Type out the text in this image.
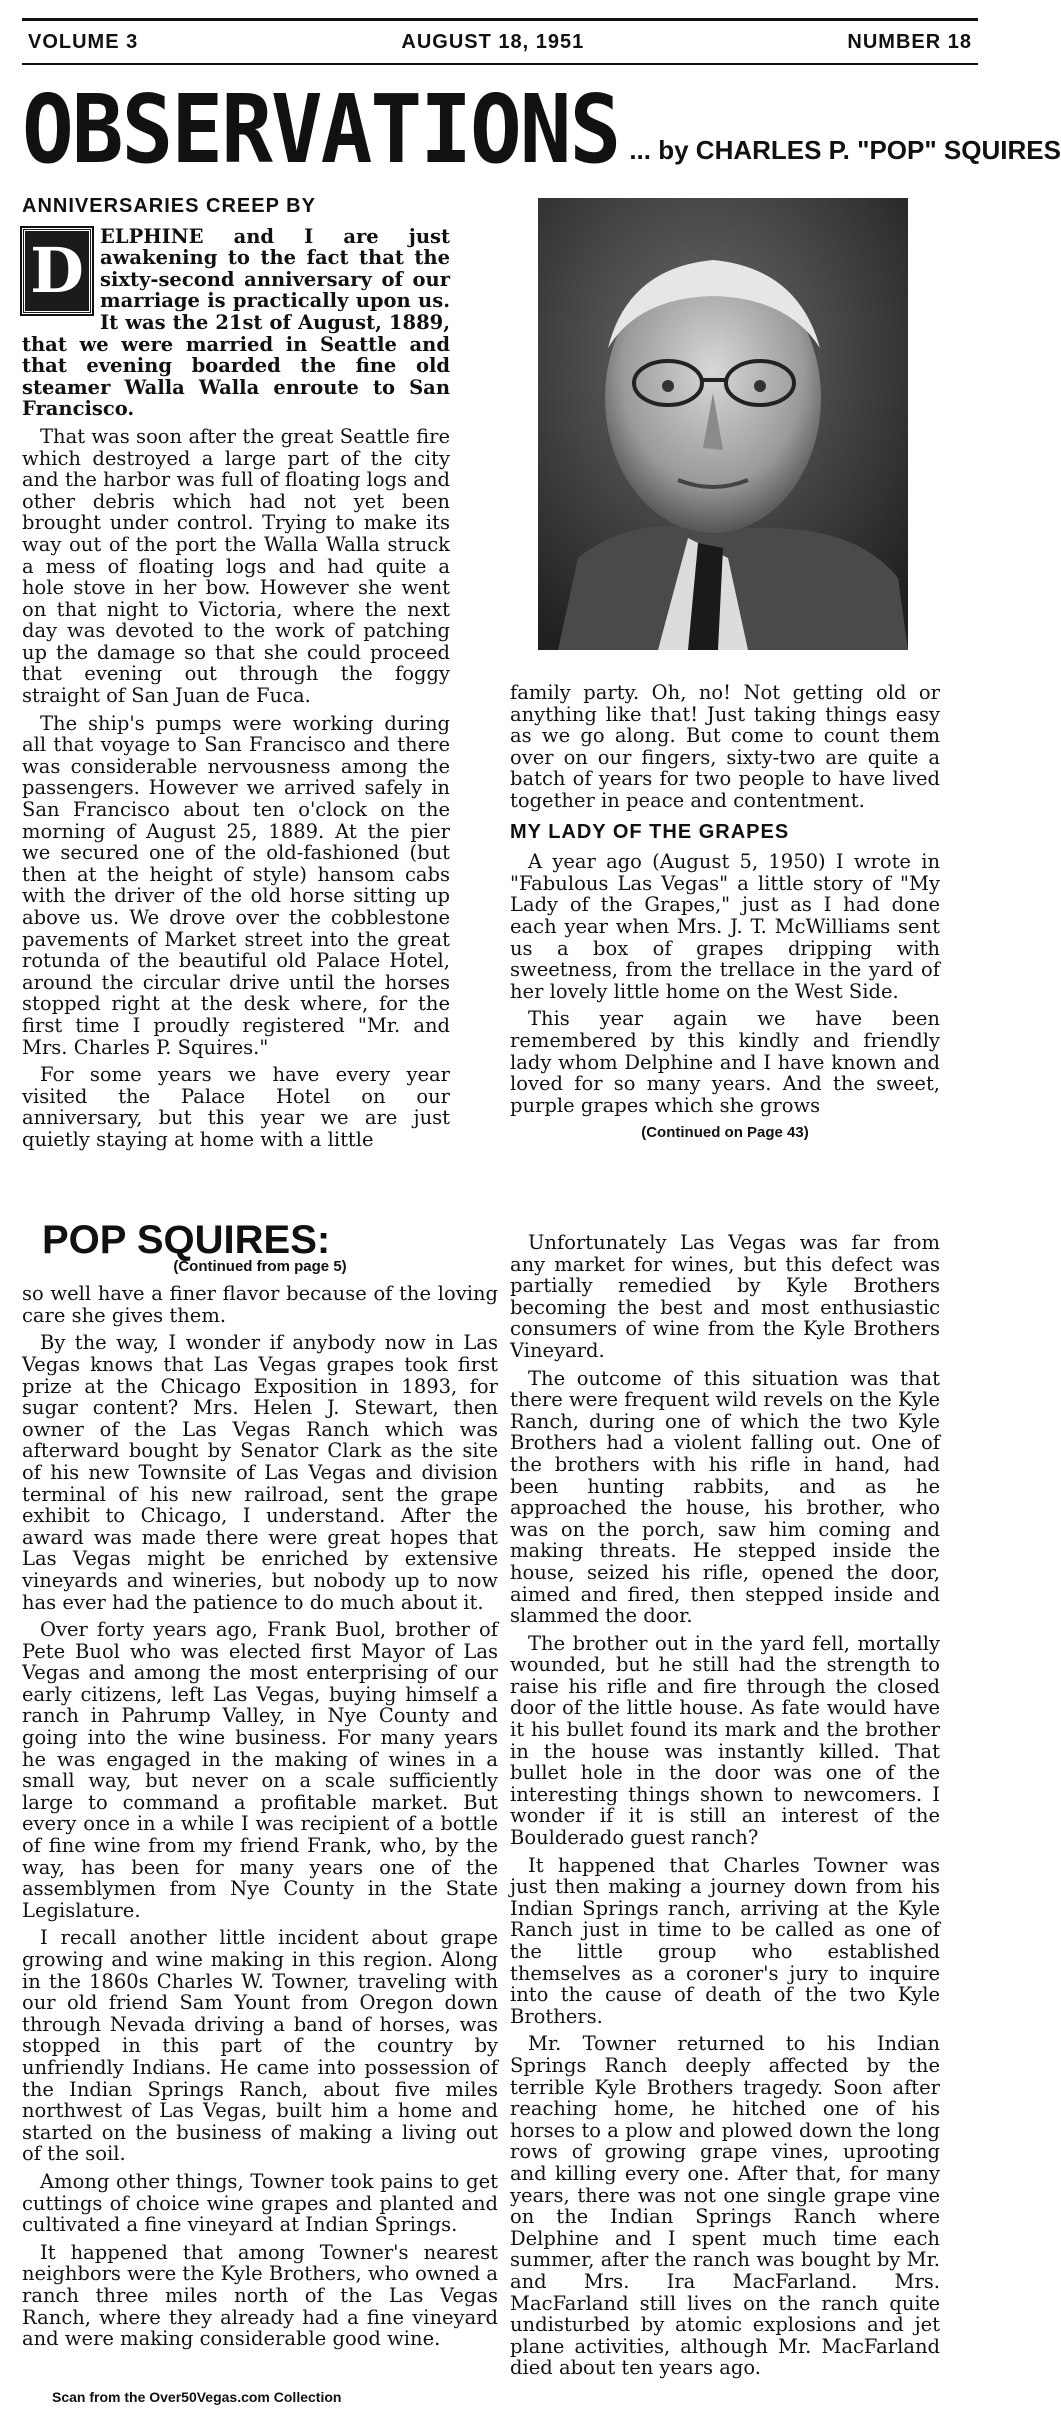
VOLUME 3	AUGUST 18, 1951	NUMBER 18
OBSERVATIONS ... by CHARLES P. "POP" SQUIRES
ANNIVERSARIES CREEP BY
D ELPHINE and I are just awakening to the fact that the sixty-second anniversary of our marriage is practically upon us. It was the 21st of August, 1889, that we were married in Seattle and that evening boarded the fine old steamer Walla Walla enroute to San Francisco.

That was soon after the great Seattle fire which destroyed a large part of the city and the harbor was full of floating logs and other debris which had not yet been brought under control. Trying to make its way out of the port the Walla Walla struck a mess of floating logs and had quite a hole stove in her bow. However she went on that night to Victoria, where the next day was devoted to the work of patching up the damage so that she could proceed that evening out through the foggy straight of San Juan de Fuca.

The ship's pumps were working during all that voyage to San Francisco and there was considerable nervousness among the passengers. However we arrived safely in San Francisco about ten o'clock on the morning of August 25, 1889. At the pier we secured one of the old-fashioned (but then at the height of style) hansom cabs with the driver of the old horse sitting up above us. We drove over the cobblestone pavements of Market street into the great rotunda of the beautiful old Palace Hotel, around the circular drive until the horses stopped right at the desk where, for the first time I proudly registered "Mr. and Mrs. Charles P. Squires."

For some years we have every year visited the Palace Hotel on our anniversary, but this year we are just quietly staying at home with a little

family party. Oh, no! Not getting old or anything like that! Just taking things easy as we go along. But come to count them over on our fingers, sixty-two are quite a batch of years for two people to have lived together in peace and contentment.

MY LADY OF THE GRAPES

A year ago (August 5, 1950) I wrote in "Fabulous Las Vegas" a little story of "My Lady of the Grapes," just as I had done each year when Mrs. J. T. McWilliams sent us a box of grapes dripping with sweetness, from the trellace in the yard of her lovely little home on the West Side.

This year again we have been remembered by this kindly and friendly lady whom Delphine and I have known and loved for so many years. And the sweet, purple grapes which she grows

(Continued on Page 43)
POP SQUIRES:
(Continued from page 5)

so well have a finer flavor because of the loving care she gives them.

By the way, I wonder if anybody now in Las Vegas knows that Las Vegas grapes took first prize at the Chicago Exposition in 1893, for sugar content? Mrs. Helen J. Stewart, then owner of the Las Vegas Ranch which was afterward bought by Senator Clark as the site of his new Townsite of Las Vegas and division terminal of his new railroad, sent the grape exhibit to Chicago, I understand. After the award was made there were great hopes that Las Vegas might be enriched by extensive vineyards and wineries, but nobody up to now has ever had the patience to do much about it.

Over forty years ago, Frank Buol, brother of Pete Buol who was elected first Mayor of Las Vegas and among the most enterprising of our early citizens, left Las Vegas, buying himself a ranch in Pahrump Valley, in Nye County and going into the wine business. For many years he was engaged in the making of wines in a small way, but never on a scale sufficiently large to command a profitable market. But every once in a while I was recipient of a bottle of fine wine from my friend Frank, who, by the way, has been for many years one of the assemblymen from Nye County in the State Legislature.

I recall another little incident about grape growing and wine making in this region. Along in the 1860s Charles W. Towner, traveling with our old friend Sam Yount from Oregon down through Nevada driving a band of horses, was stopped in this part of the country by unfriendly Indians. He came into possession of the Indian Springs Ranch, about five miles northwest of Las Vegas, built him a home and started on the business of making a living out of the soil.

Among other things, Towner took pains to get cuttings of choice wine grapes and planted and cultivated a fine vineyard at Indian Springs.

It happened that among Towner's nearest neighbors were the Kyle Brothers, who owned a ranch three miles north of the Las Vegas Ranch, where they already had a fine vineyard and were making considerable good wine.

Unfortunately Las Vegas was far from any market for wines, but this defect was partially remedied by Kyle Brothers becoming the best and most enthusiastic consumers of wine from the Kyle Brothers Vineyard.

The outcome of this situation was that there were frequent wild revels on the Kyle Ranch, during one of which the two Kyle Brothers had a violent falling out. One of the brothers with his rifle in hand, had been hunting rabbits, and as he approached the house, his brother, who was on the porch, saw him coming and making threats. He stepped inside the house, seized his rifle, opened the door, aimed and fired, then stepped inside and slammed the door.

The brother out in the yard fell, mortally wounded, but he still had the strength to raise his rifle and fire through the closed door of the little house. As fate would have it his bullet found its mark and the brother in the house was instantly killed. That bullet hole in the door was one of the interesting things shown to newcomers. I wonder if it is still an interest of the Boulderado guest ranch?

It happened that Charles Towner was just then making a journey down from his Indian Springs ranch, arriving at the Kyle Ranch just in time to be called as one of the little group who established themselves as a coroner's jury to inquire into the cause of death of the two Kyle Brothers.

Mr. Towner returned to his Indian Springs Ranch deeply affected by the terrible Kyle Brothers tragedy. Soon after reaching home, he hitched one of his horses to a plow and plowed down the long rows of growing grape vines, uprooting and killing every one. After that, for many years, there was not one single grape vine on the Indian Springs Ranch where Delphine and I spent much time each summer, after the ranch was bought by Mr. and Mrs. Ira MacFarland. Mrs. MacFarland still lives on the ranch quite undisturbed by atomic explosions and jet plane activities, although Mr. MacFarland died about ten years ago.

Scan from the Over50Vegas.com Collection
